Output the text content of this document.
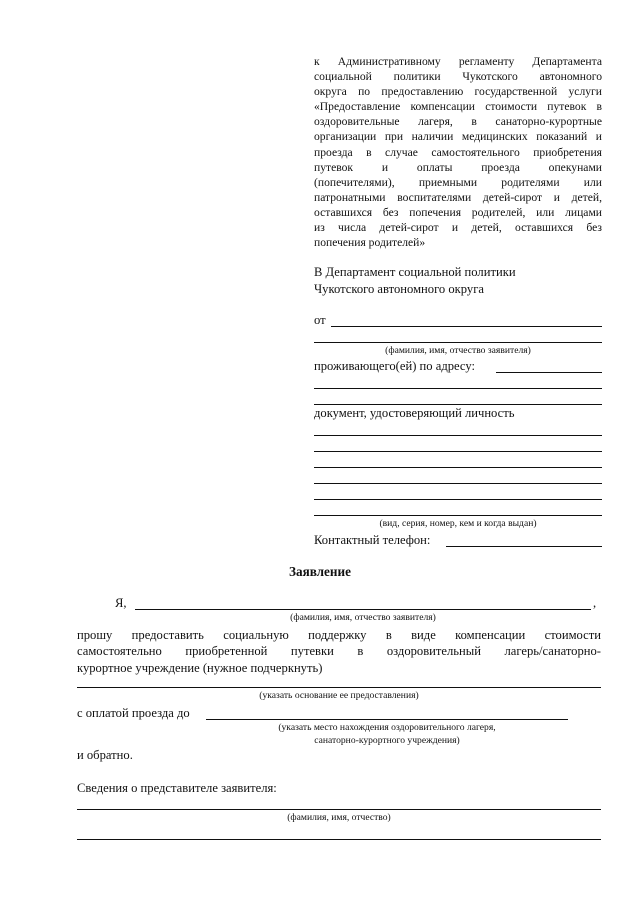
к Административному регламенту Департамента
социальной политики Чукотского автономного
округа по предоставлению государственной услуги
«Предоставление компенсации стоимости путевок в
оздоровительные лагеря, в санаторно-курортные
организации при наличии медицинских показаний и
проезда в случае самостоятельного приобретения
путевок и оплаты проезда опекунами
(попечителями), приемными родителями или
патронатными воспитателями детей-сирот и детей,
оставшихся без попечения родителей, или лицами
из числа детей-сирот и детей, оставшихся без
попечения родителей»
В Департамент социальной политики
Чукотского автономного округа
от
(фамилия, имя, отчество заявителя)
проживающего(ей) по адресу:
документ, удостоверяющий личность
(вид, серия, номер, кем и когда выдан)
Контактный телефон:
Заявление
Я,	,
(фамилия, имя, отчество заявителя)
прошу предоставить социальную поддержку в виде компенсации стоимости
самостоятельно приобретенной путевки в оздоровительный лагерь/санаторно-
курортное учреждение (нужное подчеркнуть)
(указать основание ее предоставления)
с оплатой проезда до
(указать место нахождения оздоровительного лагеря,
санаторно-курортного учреждения)
и обратно.
Сведения о представителе заявителя:
(фамилия, имя, отчество)
